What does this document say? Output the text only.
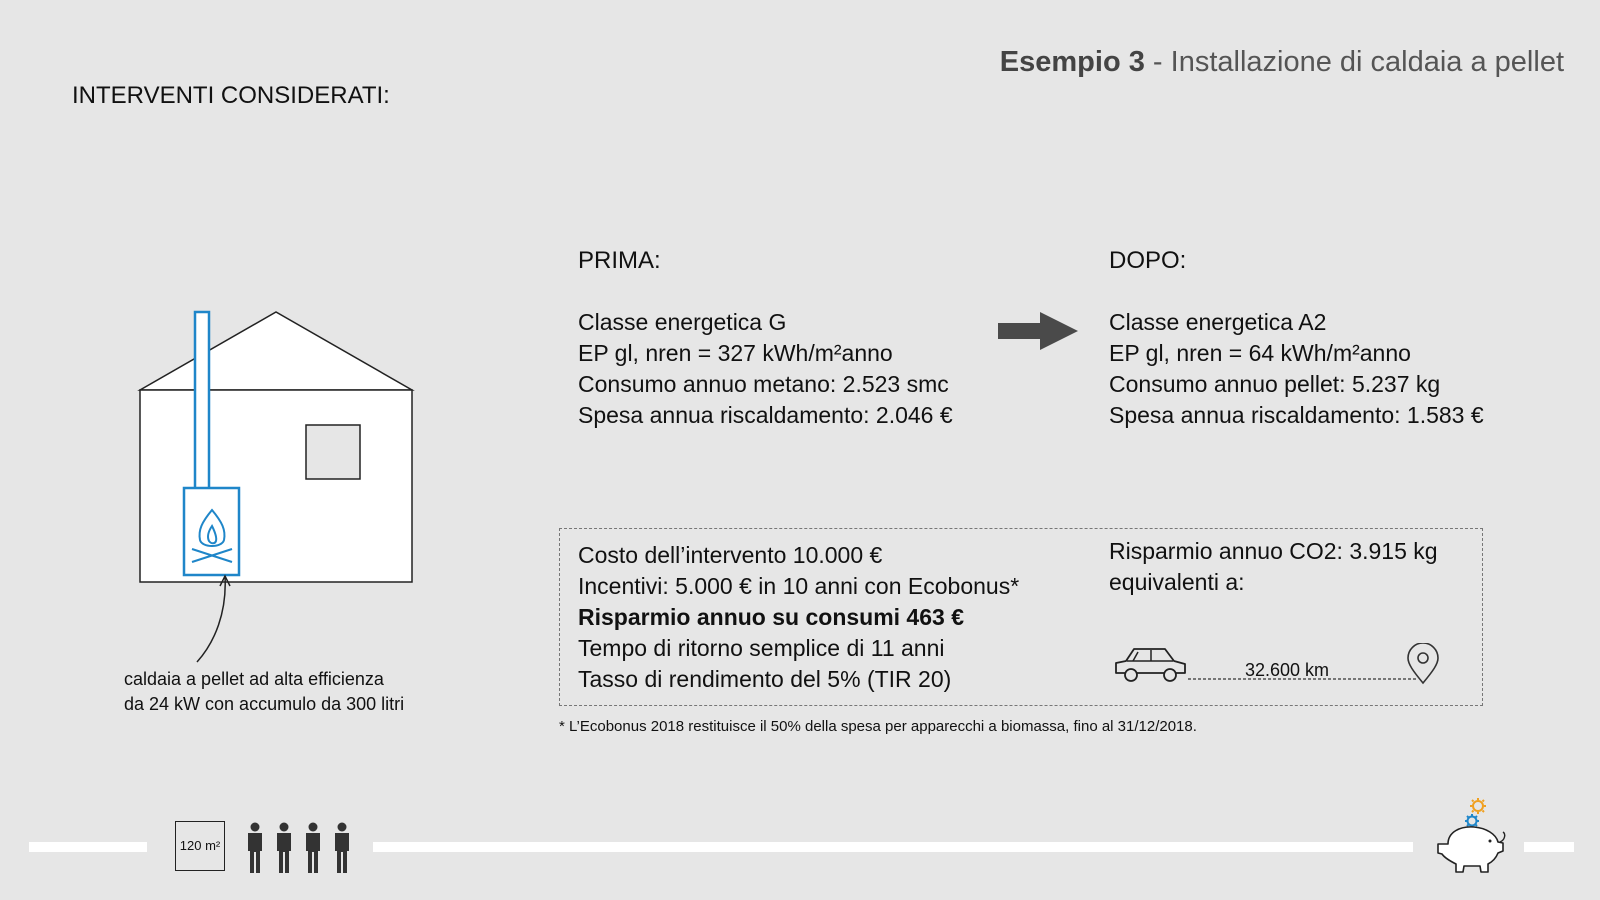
Esempio 3 - Installazione di caldaia a pellet
INTERVENTI CONSIDERATI:
caldaia a pellet ad alta efficienza
da 24 kW con accumulo da 300 litri
PRIMA:
Classe energetica G
EP gl, nren = 327 kWh/m²anno
Consumo annuo metano: 2.523 smc
Spesa annua riscaldamento: 2.046 €
DOPO:
Classe energetica A2
EP gl, nren = 64 kWh/m²anno
Consumo annuo pellet: 5.237 kg
Spesa annua riscaldamento: 1.583 €
Costo dell’intervento 10.000 €
Incentivi: 5.000 € in 10 anni con Ecobonus*
Risparmio annuo su consumi 463 €
Tempo di ritorno semplice di 11 anni
Tasso di rendimento del 5% (TIR 20)
Risparmio annuo CO2: 3.915 kg
equivalenti a:
32.600 km
* L’Ecobonus 2018 restituisce il 50% della spesa per apparecchi a biomassa, fino al 31/12/2018.
120 m²
